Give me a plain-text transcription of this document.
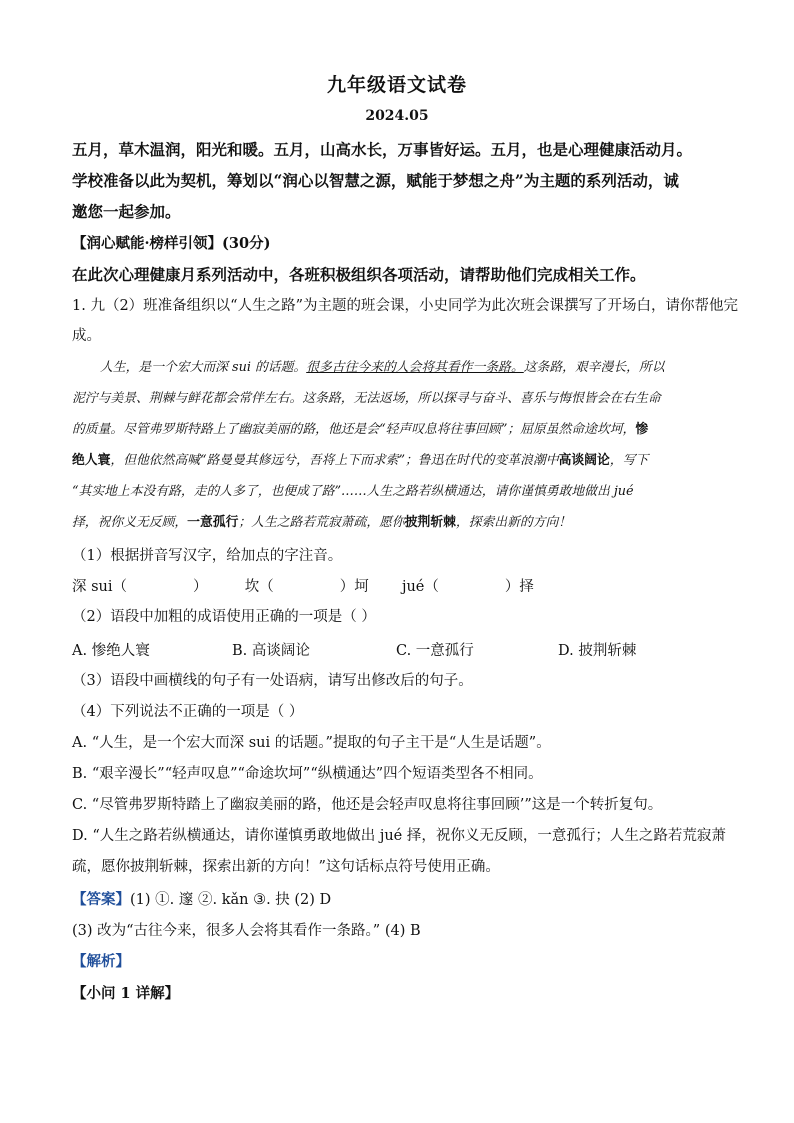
九年级语文试卷
2024.05
五月，草木温润，阳光和暖。五月，山高水长，万事皆好运。五月，也是心理健康活动月。
学校准备以此为契机，筹划以“润心以智慧之源，赋能于梦想之舟”为主题的系列活动，诚
邀您一起参加。
【润心赋能·榜样引领】(30分)
在此次心理健康月系列活动中，各班积极组织各项活动，请帮助他们完成相关工作。
1. 九（2）班准备组织以“人生之路”为主题的班会课，小史同学为此次班会课撰写了开场白，请你帮他完
成。
人生，是一个宏大而深 sui 的话题。很多古往今来的人会将其看作一条路。这条路，艰辛漫长，所以
泥泞与美景、荆棘与鲜花都会常伴左右。这条路，无法返场，所以探寻与奋斗、喜乐与悔恨皆会在右生命
的质量。尽管弗罗斯特路上了幽寂美丽的路，他还是会“轻声叹息将往事回顾”；屈原虽然命途坎坷，惨
绝人寰，但他依然高喊“路曼曼其修远兮，吾将上下而求索”；鲁迅在时代的变革浪潮中高谈阔论，写下
“其实地上本没有路，走的人多了，也便成了路”……人生之路若纵横通达，请你谨慎勇敢地做出 jué
择，祝你义无反顾，一意孤行；人生之路若荒寂萧疏，愿你披荆斩棘，探索出新的方向！
（1）根据拼音写汉字，给加点的字注音。
深 sui（	）	坎（	）坷 jué（	）择
（2）语段中加粗的成语使用正确的一项是（ ）
A. 惨绝人寰	B. 高谈阔论	C. 一意孤行	D. 披荆斩棘
（3）语段中画横线的句子有一处语病，请写出修改后的句子。
（4）下列说法不正确的一项是（ ）
A. “人生，是一个宏大而深 sui 的话题。”提取的句子主干是“人生是话题”。
B. “艰辛漫长”“轻声叹息”“命途坎坷”“纵横通达”四个短语类型各不相同。
C. “尽管弗罗斯特踏上了幽寂美丽的路，他还是会轻声叹息将往事回顾’”这是一个转折复句。
D. “人生之路若纵横通达，请你谨慎勇敢地做出 jué 择，祝你义无反顾，一意孤行；人生之路若荒寂萧
疏，愿你披荆斩棘，探索出新的方向！”这句话标点符号使用正确。
【答案】(1) ①. 邃 ②. kǎn ③. 抉 (2) D
(3) 改为“古往今来，很多人会将其看作一条路。” (4) B
【解析】
【小问 1 详解】
